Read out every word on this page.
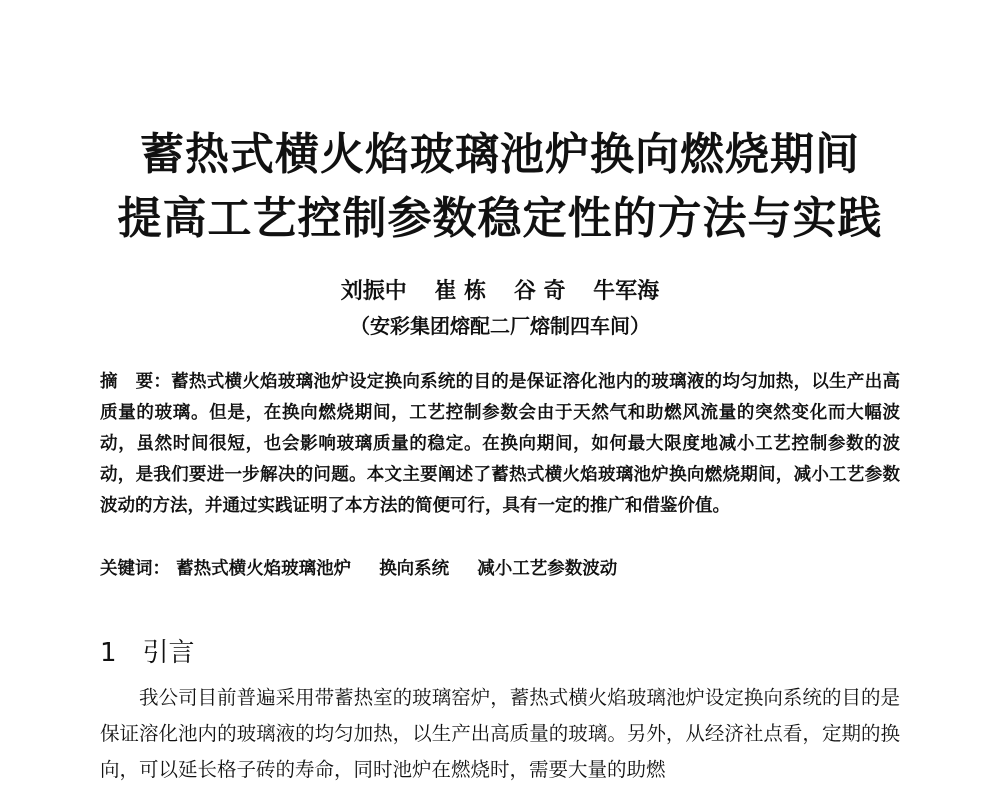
蓄热式横火焰玻璃池炉换向燃烧期间
提高工艺控制参数稳定性的方法与实践
刘振中 崔 栋 谷 奇 牛军海
（安彩集团熔配二厂熔制四车间）
摘　要：蓄热式横火焰玻璃池炉设定换向系统的目的是保证溶化池内的玻璃液的均匀加热，以生产出高质量的玻璃。但是，在换向燃烧期间，工艺控制参数会由于天然气和助燃风流量的突然变化而大幅波动，虽然时间很短，也会影响玻璃质量的稳定。在换向期间，如何最大限度地减小工艺控制参数的波动，是我们要进一步解决的问题。本文主要阐述了蓄热式横火焰玻璃池炉换向燃烧期间，减小工艺参数波动的方法，并通过实践证明了本方法的简便可行，具有一定的推广和借鉴价值。
关键词： 蓄热式横火焰玻璃池炉 换向系统 减小工艺参数波动
1 引言
我公司目前普遍采用带蓄热室的玻璃窑炉，蓄热式横火焰玻璃池炉设定换向系统的目的是保证溶化池内的玻璃液的均匀加热，以生产出高质量的玻璃。另外，从经济社点看，定期的换向，可以延长格子砖的寿命，同时池炉在燃烧时，需要大量的助燃
